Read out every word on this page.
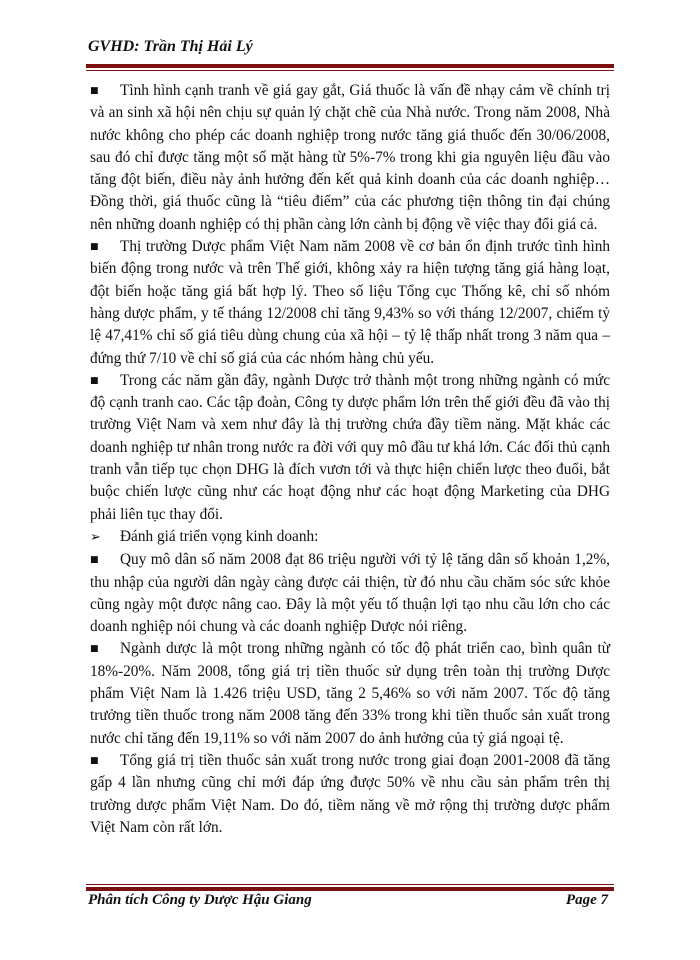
GVHD: Trần Thị Hải Lý

■ Tình hình cạnh tranh về giá gay gắt, Giá thuốc là vấn đề nhạy cảm về chính trị và an sinh xã hội nên chịu sự quản lý chặt chẽ của Nhà nước. Trong năm 2008, Nhà nước không cho phép các doanh nghiệp trong nước tăng giá thuốc đến 30/06/2008, sau đó chỉ được tăng một số mặt hàng từ 5%-7% trong khi gia nguyên liệu đầu vào tăng đột biến, điều này ảnh hưởng đến kết quả kinh doanh của các doanh nghiệp…Đồng thời, giá thuốc cũng là “tiêu điểm” của các phương tiện thông tin đại chúng nên những doanh nghiệp có thị phần càng lớn cành bị động về việc thay đổi giá cả.

■ Thị trường Dược phẩm Việt Nam năm 2008 về cơ bản ổn định trước tình hình biến động trong nước và trên Thế giới, không xảy ra hiện tượng tăng giá hàng loạt, đột biến hoặc tăng giá bất hợp lý. Theo số liệu Tổng cục Thống kê, chỉ số nhóm hàng dược phẩm, y tế tháng 12/2008 chỉ tăng 9,43% so với tháng 12/2007, chiếm tỷ lệ 47,41% chỉ số giá tiêu dùng chung của xã hội – tỷ lệ thấp nhất trong 3 năm qua – đứng thứ 7/10 về chỉ số giá của các nhóm hàng chủ yếu.

■ Trong các năm gần đây, ngành Dược trở thành một trong những ngành có mức độ cạnh tranh cao. Các tập đoàn, Công ty dược phẩm lớn trên thế giới đều đã vào thị trường Việt Nam và xem như đây là thị trường chứa đầy tiềm năng. Mặt khác các doanh nghiệp tư nhân trong nước ra đời với quy mô đầu tư khá lớn. Các đối thủ cạnh tranh vẫn tiếp tục chọn DHG là đích vươn tới và thực hiện chiến lược theo đuổi, bắt buộc chiến lược cũng như các hoạt động như các hoạt động Marketing của DHG phải liên tục thay đổi.

➢ Đánh giá triển vọng kinh doanh:

■ Quy mô dân số năm 2008 đạt 86 triệu người với tỷ lệ tăng dân số khoản 1,2%, thu nhập của người dân ngày càng được cải thiện, từ đó nhu cầu chăm sóc sức khỏe cũng ngày một được nâng cao. Đây là một yếu tố thuận lợi tạo nhu cầu lớn cho các doanh nghiệp nói chung và các doanh nghiệp Dược nói riêng.

■ Ngành dược là một trong những ngành có tốc độ phát triển cao, bình quân từ 18%-20%. Năm 2008, tổng giá trị tiền thuốc sử dụng trên toàn thị trường Dược phẩm Việt Nam là 1.426 triệu USD, tăng 2 5,46% so với năm 2007. Tốc độ tăng trưởng tiền thuốc trong năm 2008 tăng đến 33% trong khi tiền thuốc sản xuất trong nước chỉ tăng đến 19,11% so với năm 2007 do ảnh hưởng của tỷ giá ngoại tệ.

■ Tổng giá trị tiền thuốc sản xuất trong nước trong giai đoạn 2001-2008 đã tăng gấp 4 lần nhưng cũng chỉ mới đáp ứng được 50% về nhu cầu sản phẩm trên thị trường dược phẩm Việt Nam. Do đó, tiềm năng về mở rộng thị trường dược phẩm Việt Nam còn rất lớn.

Phân tích Công ty Dược Hậu Giang	Page 7
